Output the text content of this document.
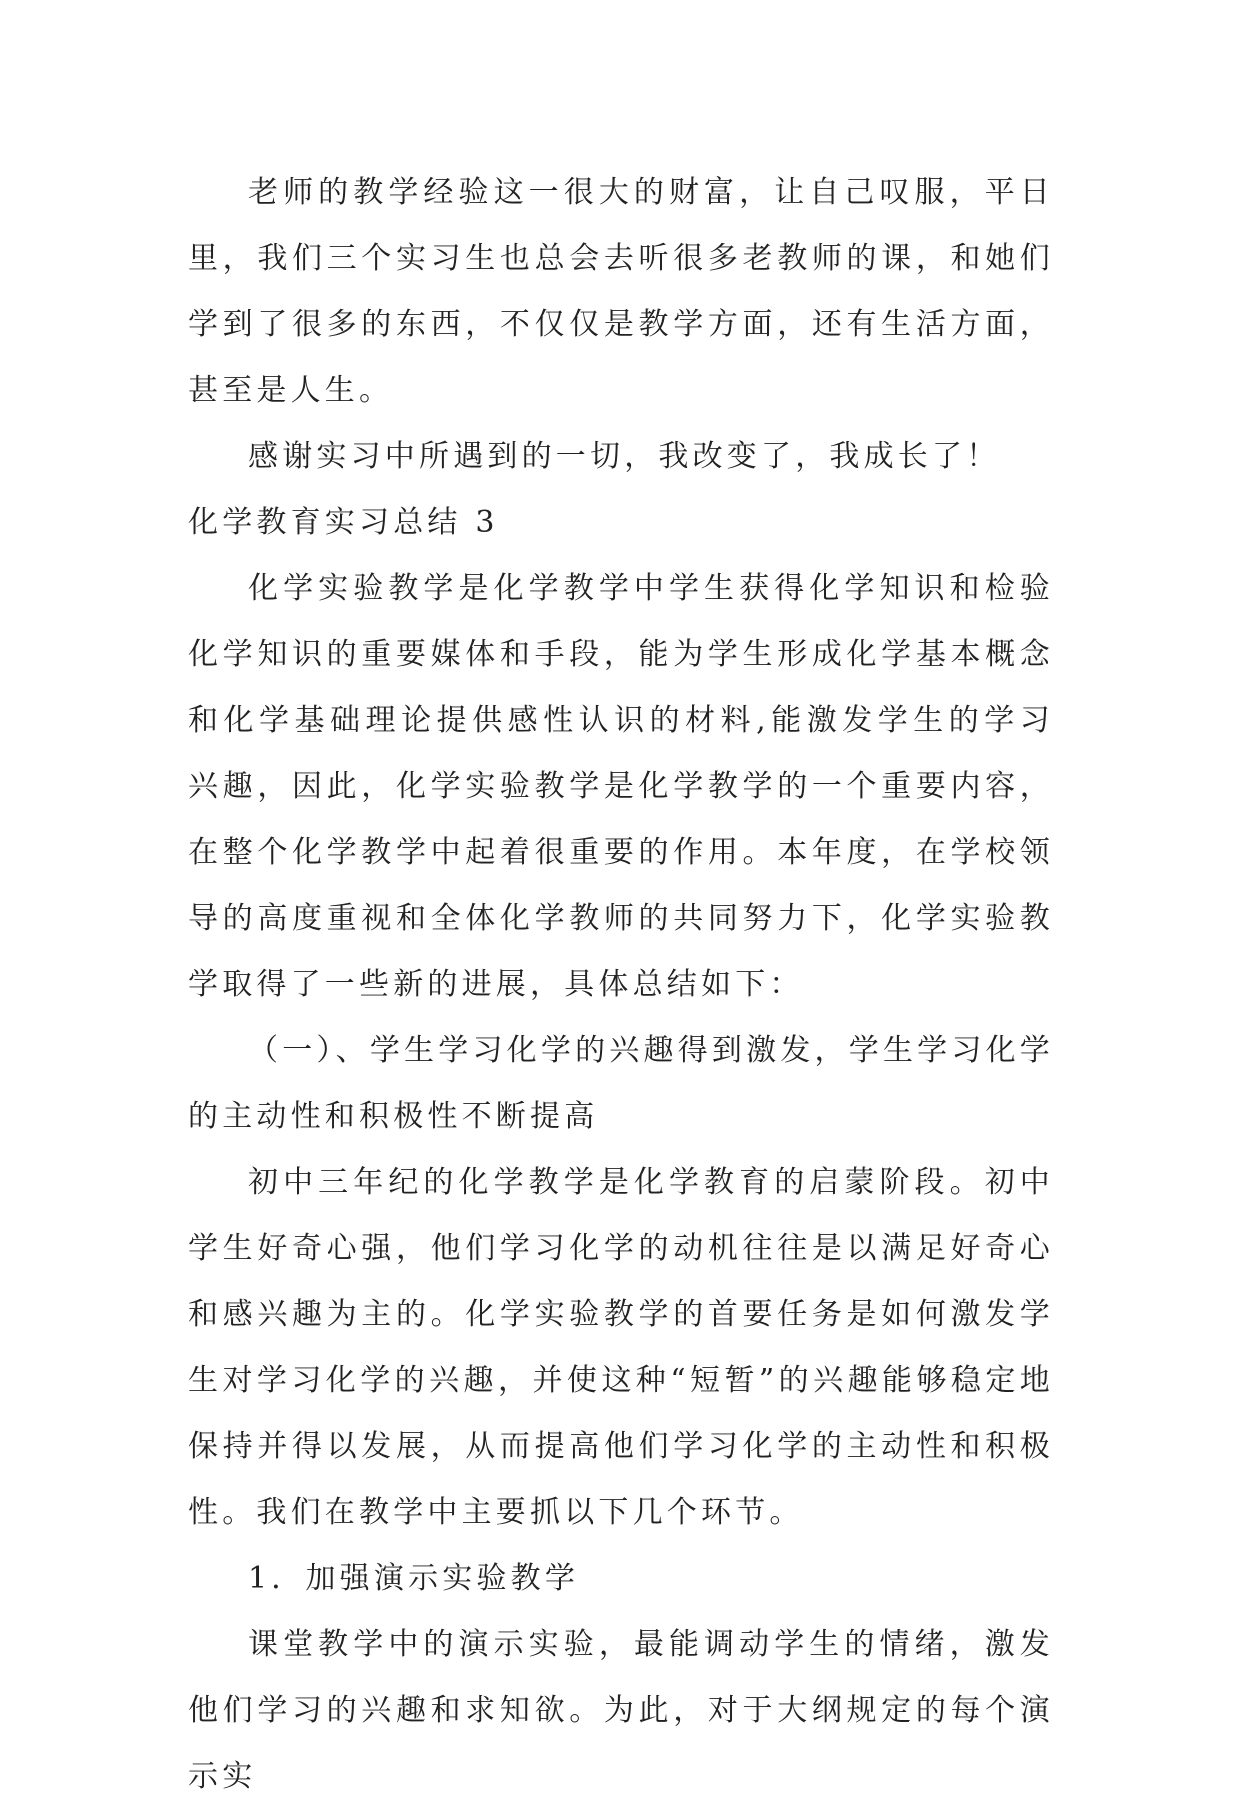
老师的教学经验这一很大的财富，让自己叹服，平日里，我们三个实习生也总会去听很多老教师的课，和她们学到了很多的东西，不仅仅是教学方面，还有生活方面，甚至是人生。

感谢实习中所遇到的一切，我改变了，我成长了！

化学教育实习总结 3

化学实验教学是化学教学中学生获得化学知识和检验化学知识的重要媒体和手段，能为学生形成化学基本概念和化学基础理论提供感性认识的材料,能激发学生的学习兴趣，因此，化学实验教学是化学教学的一个重要内容，在整个化学教学中起着很重要的作用。本年度，在学校领导的高度重视和全体化学教师的共同努力下，化学实验教学取得了一些新的进展，具体总结如下：

（一）、学生学习化学的兴趣得到激发，学生学习化学的主动性和积极性不断提高

初中三年纪的化学教学是化学教育的启蒙阶段。初中学生好奇心强，他们学习化学的动机往往是以满足好奇心和感兴趣为主的。化学实验教学的首要任务是如何激发学生对学习化学的兴趣，并使这种“短暂”的兴趣能够稳定地保持并得以发展，从而提高他们学习化学的主动性和积极性。我们在教学中主要抓以下几个环节。

1．加强演示实验教学

课堂教学中的演示实验，最能调动学生的情绪，激发他们学习的兴趣和求知欲。为此，对于大纲规定的每个演示实
